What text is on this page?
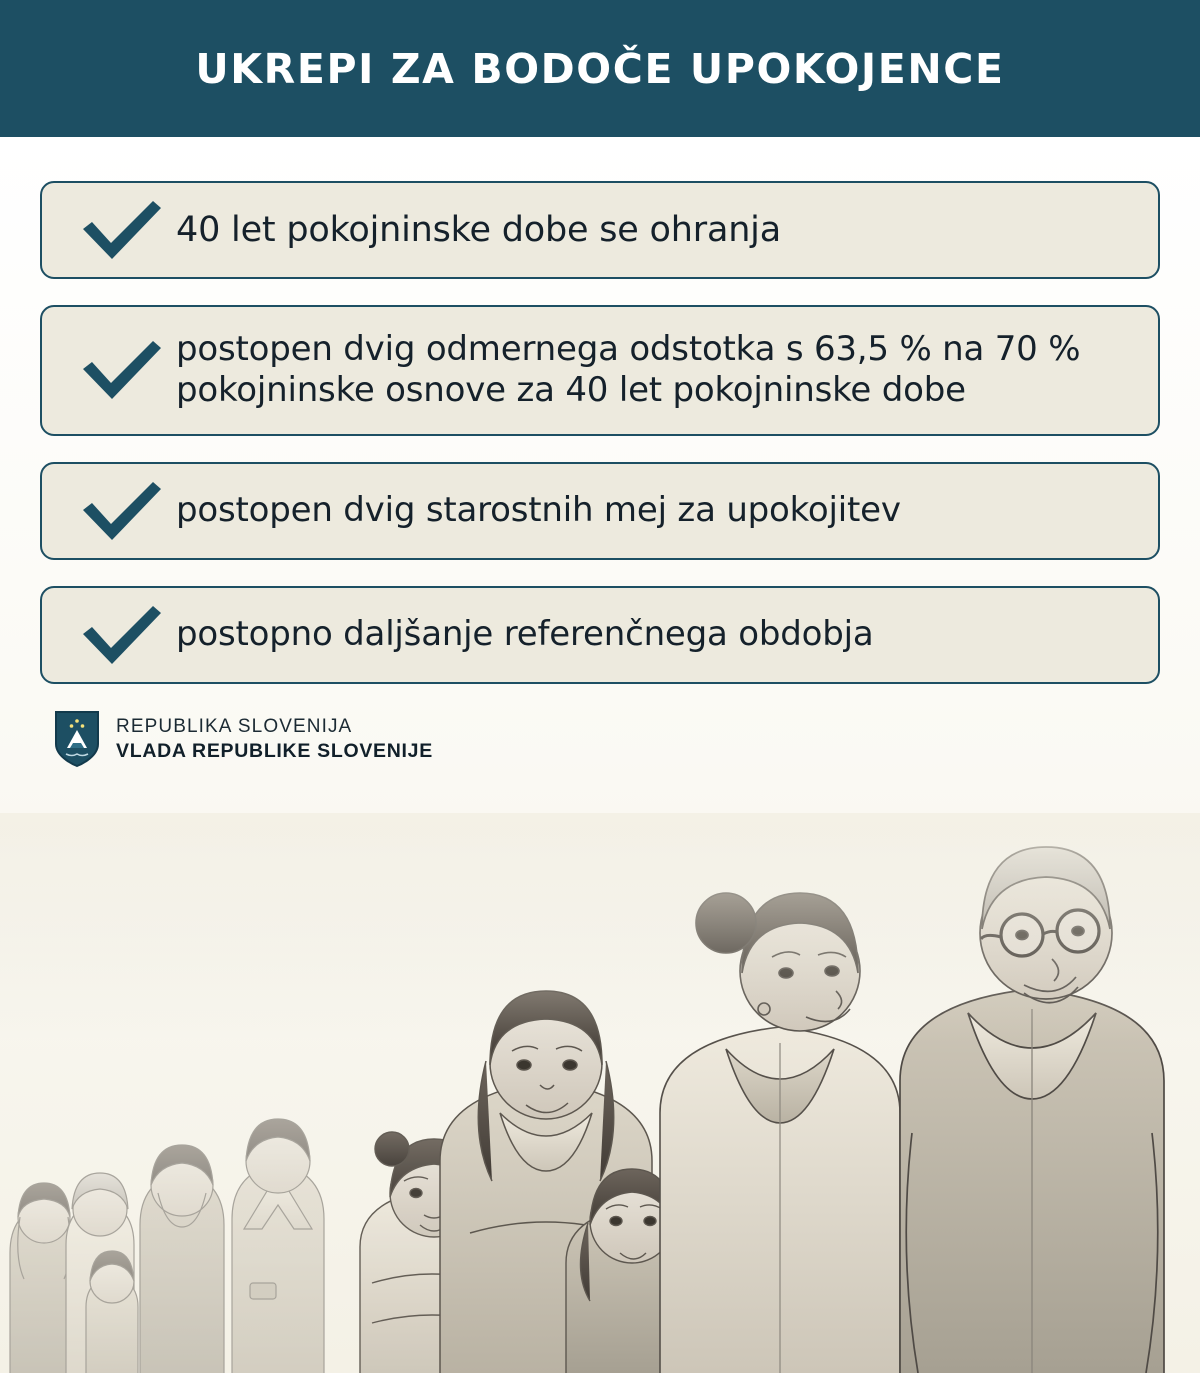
UKREPI ZA BODOČE UPOKOJENCE
40 let pokojninske dobe se ohranja
postopen dvig odmernega odstotka s 63,5 % na 70 % pokojninske osnove za 40 let pokojninske dobe
postopen dvig starostnih mej za upokojitev
postopno daljšanje referenčnega obdobja
REPUBLIKA SLOVENIJA
VLADA REPUBLIKE SLOVENIJE
